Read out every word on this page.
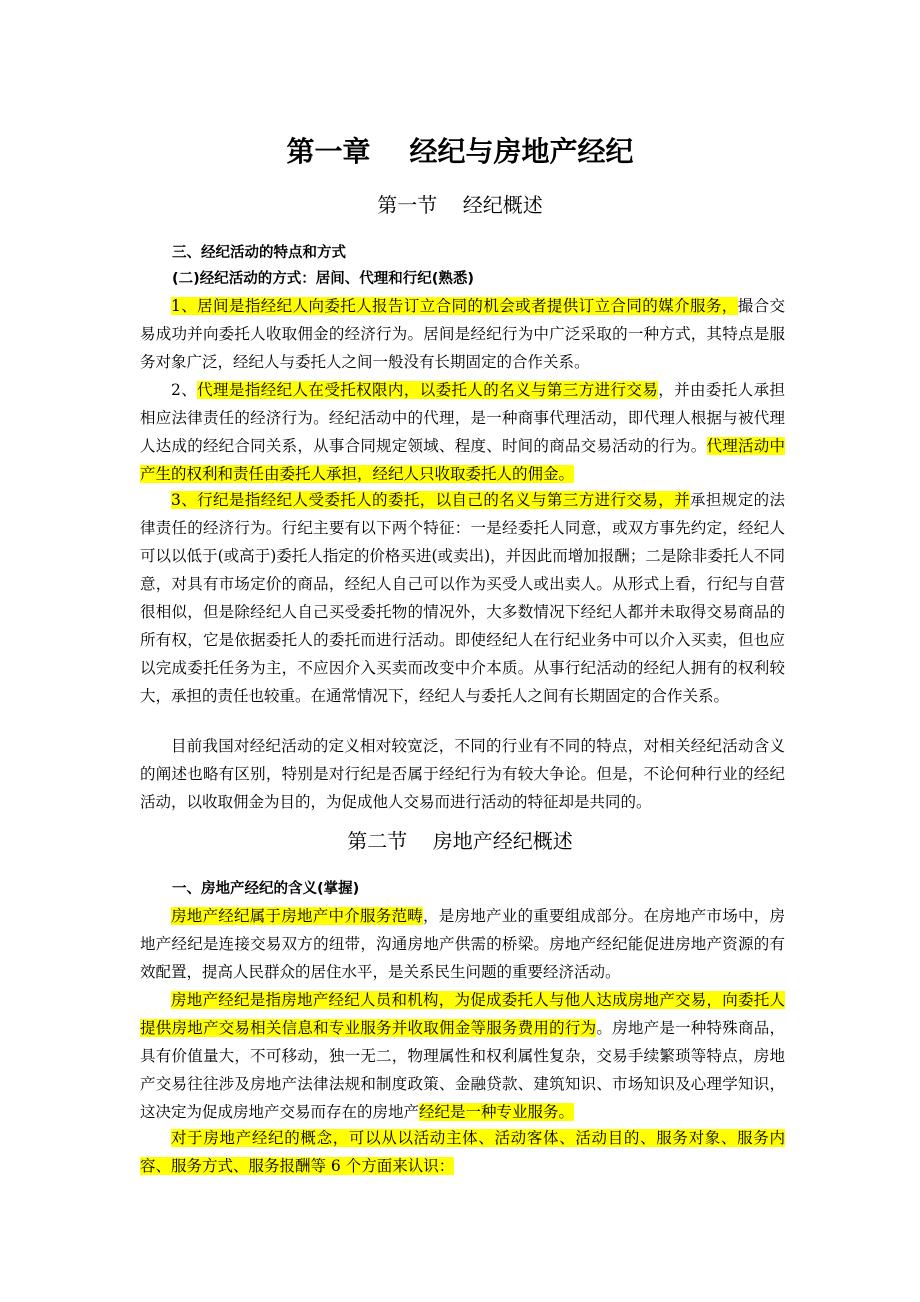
第一章    经纪与房地产经纪
第一节    经纪概述
三、经纪活动的特点和方式
(二)经纪活动的方式：居间、代理和行纪(熟悉)

1、居间是指经纪人向委托人报告订立合同的机会或者提供订立合同的媒介服务，撮合交易成功并向委托人收取佣金的经济行为。居间是经纪行为中广泛采取的一种方式，其特点是服务对象广泛，经纪人与委托人之间一般没有长期固定的合作关系。

2、代理是指经纪人在受托权限内，以委托人的名义与第三方进行交易，并由委托人承担相应法律责任的经济行为。经纪活动中的代理，是一种商事代理活动，即代理人根据与被代理人达成的经纪合同关系，从事合同规定领域、程度、时间的商品交易活动的行为。代理活动中产生的权利和责任由委托人承担，经纪人只收取委托人的佣金。

3、行纪是指经纪人受委托人的委托，以自己的名义与第三方进行交易，并承担规定的法律责任的经济行为。行纪主要有以下两个特征：一是经委托人同意，或双方事先约定，经纪人可以以低于(或高于)委托人指定的价格买进(或卖出)，并因此而增加报酬；二是除非委托人不同意，对具有市场定价的商品，经纪人自己可以作为买受人或出卖人。从形式上看，行纪与自营很相似，但是除经纪人自己买受委托物的情况外，大多数情况下经纪人都并未取得交易商品的所有权，它是依据委托人的委托而进行活动。即使经纪人在行纪业务中可以介入买卖，但也应以完成委托任务为主，不应因介入买卖而改变中介本质。从事行纪活动的经纪人拥有的权利较大，承担的责任也较重。在通常情况下，经纪人与委托人之间有长期固定的合作关系。

目前我国对经纪活动的定义相对较宽泛，不同的行业有不同的特点，对相关经纪活动含义的阐述也略有区别，特别是对行纪是否属于经纪行为有较大争论。但是，不论何种行业的经纪活动，以收取佣金为目的，为促成他人交易而进行活动的特征却是共同的。

第二节    房地产经纪概述
一、房地产经纪的含义(掌握)

房地产经纪属于房地产中介服务范畴，是房地产业的重要组成部分。在房地产市场中，房地产经纪是连接交易双方的纽带，沟通房地产供需的桥梁。房地产经纪能促进房地产资源的有效配置，提高人民群众的居住水平，是关系民生问题的重要经济活动。

房地产经纪是指房地产经纪人员和机构，为促成委托人与他人达成房地产交易，向委托人提供房地产交易相关信息和专业服务并收取佣金等服务费用的行为。房地产是一种特殊商品，具有价值量大，不可移动，独一无二，物理属性和权利属性复杂，交易手续繁琐等特点，房地产交易往往涉及房地产法律法规和制度政策、金融贷款、建筑知识、市场知识及心理学知识，这决定为促成房地产交易而存在的房地产经纪是一种专业服务。

对于房地产经纪的概念，可以从以活动主体、活动客体、活动目的、服务对象、服务内容、服务方式、服务报酬等 6 个方面来认识：
